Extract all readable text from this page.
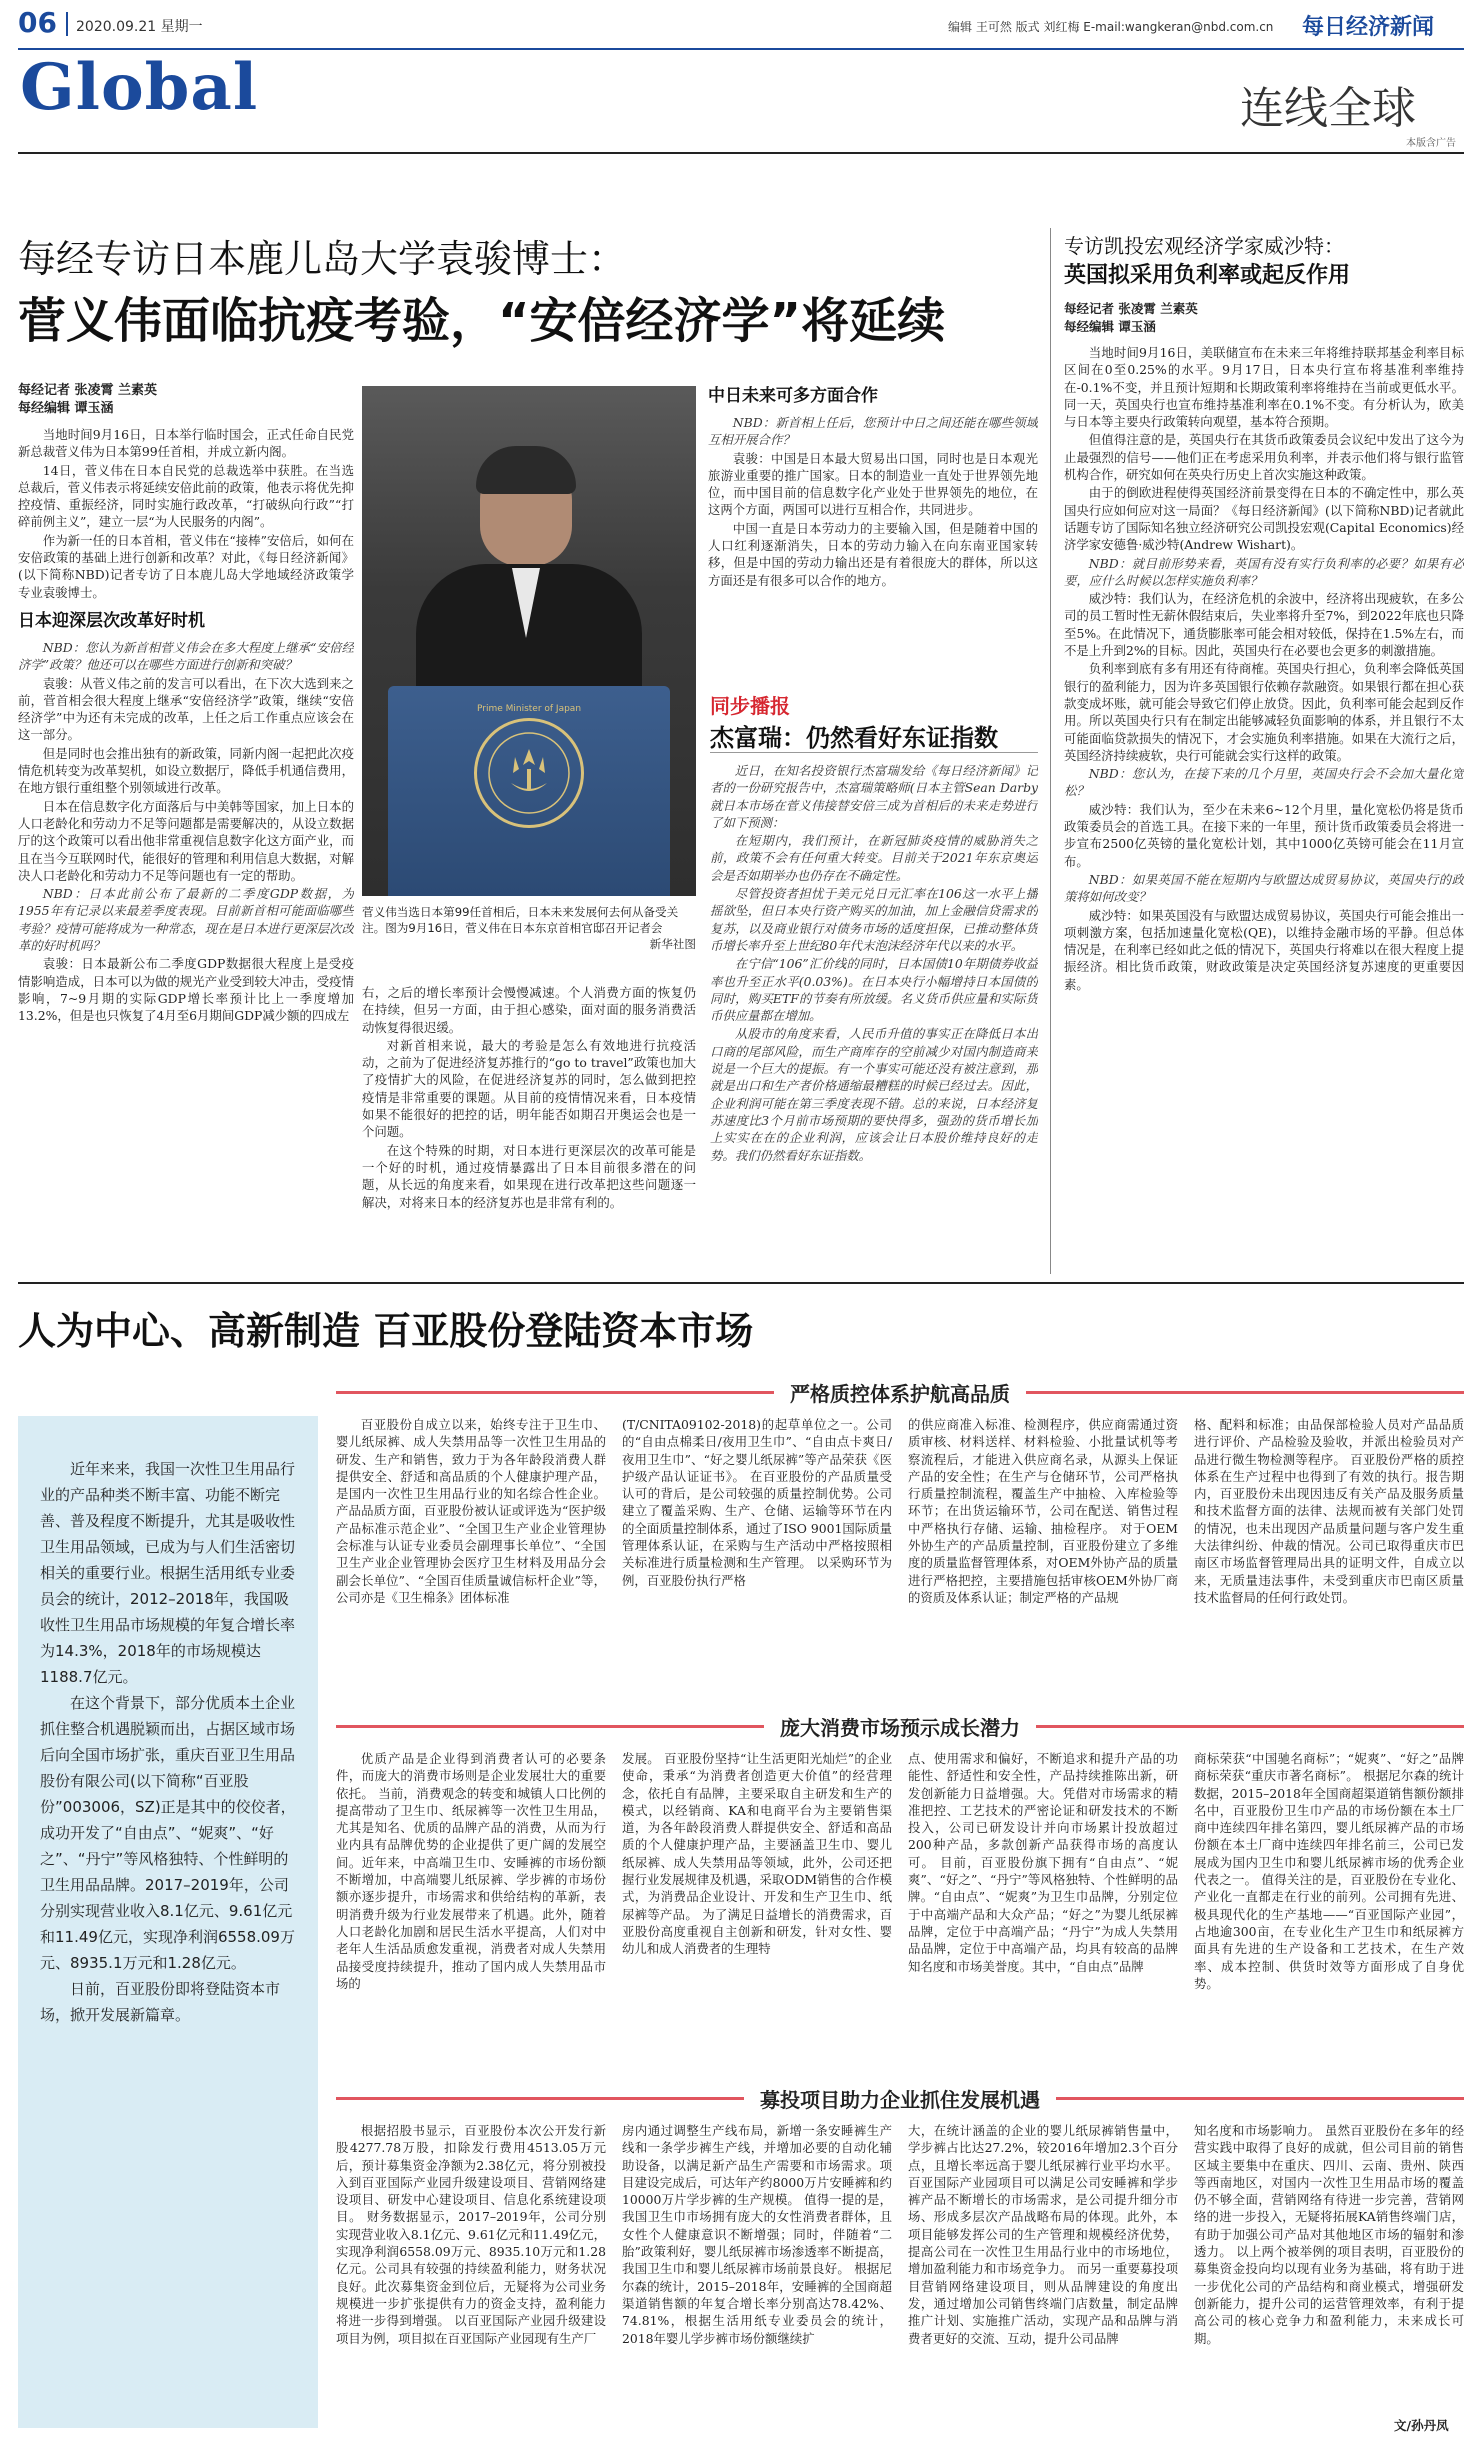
06 2020.09.21 星期一	编辑 王可然 版式 刘红梅 E-mail:wangkeran@nbd.com.cn 每日经济新闻
Global	连线全球
本版含广告
每经专访日本鹿儿岛大学袁骏博士：
菅义伟面临抗疫考验，“安倍经济学”将延续
每经记者 张凌霄 兰素英
每经编辑 谭玉涵

当地时间9月16日，日本举行临时国会，正式任命自民党新总裁菅义伟为日本第99任首相，并成立新内阁。

14日，菅义伟在日本自民党的总裁选举中获胜。在当选总裁后，菅义伟表示将延续安倍此前的政策，他表示将优先抑控疫情、重振经济，同时实施行政改革，“打破纵向行政”“打碎前例主义”，建立一层“为人民服务的内阁”。

作为新一任的日本首相，菅义伟在“接棒”安倍后，如何在安倍政策的基础上进行创新和改革？对此，《每日经济新闻》(以下简称NBD)记者专访了日本鹿儿岛大学地域经济政策学专业袁骏博士。

日本迎深层次改革好时机

NBD：您认为新首相菅义伟会在多大程度上继承“安倍经济学”政策？他还可以在哪些方面进行创新和突破？

袁骏：从菅义伟之前的发言可以看出，在下次大选到来之前，菅首相会很大程度上继承“安倍经济学”政策，继续“安倍经济学”中为还有未完成的改革，上任之后工作重点应该会在这一部分。

但是同时也会推出独有的新政策，同新内阁一起把此次疫情危机转变为改革契机，如设立数据厅，降低手机通信费用，在地方银行重组整个别领域进行改革。

日本在信息数字化方面落后与中美韩等国家，加上日本的人口老龄化和劳动力不足等问题都是需要解决的，从设立数据厅的这个政策可以看出他非常重视信息数字化这方面产业，而且在当今互联网时代，能很好的管理和利用信息大数据，对解决人口老龄化和劳动力不足等问题也有一定的帮助。

NBD：日本此前公布了最新的二季度GDP数据，为1955年有记录以来最差季度表现。目前新首相可能面临哪些考验？疫情可能将成为一种常态，现在是日本进行更深层次改革的好时机吗？

袁骏：日本最新公布二季度GDP数据很大程度上是受疫情影响造成，日本可以为做的规光产业受到较大冲击，受疫情影响，7~9月期的实际GDP增长率预计比上一季度增加13.2%，但是也只恢复了4月至6月期间GDP减少额的四成左

Prime Minister of Japan
菅义伟当选日本第99任首相后，日本未来发展何去何从备受关注。图为9月16日，菅义伟在日本东京首相官邸召开记者会
新华社图

右，之后的增长率预计会慢慢减速。个人消费方面的恢复仍在持续，但另一方面，由于担心感染，面对面的服务消费活动恢复得很迟缓。

对新首相来说，最大的考验是怎么有效地进行抗疫活动，之前为了促进经济复苏推行的“go to travel”政策也加大了疫情扩大的风险，在促进经济复苏的同时，怎么做到把控疫情是非常重要的课题。从目前的疫情情况来看，日本疫情如果不能很好的把控的话，明年能否如期召开奥运会也是一个问题。

在这个特殊的时期，对日本进行更深层次的改革可能是一个好的时机，通过疫情暴露出了日本目前很多潜在的问题，从长远的角度来看，如果现在进行改革把这些问题逐一解决，对将来日本的经济复苏也是非常有利的。

中日未来可多方面合作

NBD：新首相上任后，您预计中日之间还能在哪些领域互相开展合作？

袁骏：中国是日本最大贸易出口国，同时也是日本观光旅游业重要的推广国家。日本的制造业一直处于世界领先地位，而中国目前的信息数字化产业处于世界领先的地位，在这两个方面，两国可以进行互相合作，共同进步。

中国一直是日本劳动力的主要输入国，但是随着中国的人口红利逐渐消失，日本的劳动力输入在向东南亚国家转移，但是中国的劳动力输出还是有着很庞大的群体，所以这方面还是有很多可以合作的地方。

同步播报
杰富瑞：仍然看好东证指数

近日，在知名投资银行杰富瑞发给《每日经济新闻》记者的一份研究报告中，杰富瑞策略师(日本主管Sean Darby就日本市场在菅义伟接替安倍三成为首相后的未来走势进行了如下预测：

在短期内，我们预计，在新冠肺炎疫情的威胁消失之前，政策不会有任何重大转变。目前关于2021年东京奥运会是否如期举办也仍存在不确定性。

尽管投资者担忧于美元兑日元汇率在106这一水平上播摇欲坠，但日本央行资产购买的加油，加上金融信贷需求的复苏，以及商业银行对债务市场的适度担保，已推动整体货币增长率升至上世纪80年代末泡沫经济年代以来的水平。

在宁信“106”汇价线的同时，日本国债10年期债券收益率也升至正水平(0.03%)。在日本央行小幅增持日本国债的同时，购买ETF的节奏有所放缓。名义货币供应量和实际货币供应量都在增加。

从股市的角度来看，人民币升值的事实正在降低日本出口商的尾部风险，而生产商库存的空前减少对国内制造商来说是一个巨大的提振。有一个事实可能还没有被注意到，那就是出口和生产者价格通缩最糟糕的时候已经过去。因此，企业利润可能在第三季度表现不错。总的来说，日本经济复苏速度比3个月前市场预期的要快得多，强劲的货币增长加上实实在在的企业利润，应该会让日本股价维持良好的走势。我们仍然看好东证指数。

专访凯投宏观经济学家威沙特：
英国拟采用负利率或起反作用
每经记者 张凌霄 兰素英
每经编辑 谭玉涵

当地时间9月16日，美联储宣布在未来三年将维持联邦基金利率目标区间在0至0.25%的水平。9月17日，日本央行宣布将基准利率维持在-0.1%不变，并且预计短期和长期政策利率将维持在当前或更低水平。同一天，英国央行也宣布维持基准利率在0.1%不变。有分析认为，欧美与日本等主要央行政策转向观望，基本符合预期。

但值得注意的是，英国央行在其货币政策委员会议纪中发出了这今为止最强烈的信号——他们正在考虑采用负利率，并表示他们将与银行监管机构合作，研究如何在英央行历史上首次实施这种政策。

由于的倒欧进程使得英国经济前景变得在日本的不确定性中，那么英国央行应如何应对这一局面？《每日经济新闻》(以下简称NBD)记者就此话题专访了国际知名独立经济研究公司凯投宏观(Capital Economics)经济学家安德鲁·威沙特(Andrew Wishart)。

NBD：就目前形势来看，英国有没有实行负利率的必要？如果有必要，应什么时候以怎样实施负利率？

威沙特：我们认为，在经济危机的余波中，经济将出现疲软，在多公司的员工暂时性无薪休假结束后，失业率将升至7%，到2022年底也只降至5%。在此情况下，通货膨胀率可能会相对较低，保持在1.5%左右，而不是上升到2%的目标。因此，英国央行在必要也会更多的刺激措施。

负利率到底有多有用还有待商榷。英国央行担心，负利率会降低英国银行的盈利能力，因为许多英国银行依赖存款融资。如果银行都在担心获款变成坏账，就可能会导致它们停止放贷。因此，负利率可能会起到反作用。所以英国央行只有在制定出能够减轻负面影响的体系，并且银行不太可能面临贷款损失的情况下，才会实施负利率措施。如果在大流行之后，英国经济持续疲软，央行可能就会实行这样的政策。

NBD：您认为，在接下来的几个月里，英国央行会不会加大量化宽松？

威沙特：我们认为，至少在未来6~12个月里，量化宽松仍将是货币政策委员会的首选工具。在接下来的一年里，预计货币政策委员会将进一步宣布2500亿英镑的量化宽松计划，其中1000亿英镑可能会在11月宣布。

NBD：如果英国不能在短期内与欧盟达成贸易协议，英国央行的政策将如何改变？

威沙特：如果英国没有与欧盟达成贸易协议，英国央行可能会推出一项刺激方案，包括加速量化宽松(QE)，以维持金融市场的平静。但总体情况是，在利率已经如此之低的情况下，英国央行将难以在很大程度上提振经济。相比货币政策，财政政策是决定英国经济复苏速度的更重要因素。

人为中心、高新制造 百亚股份登陆资本市场

近年来来，我国一次性卫生用品行业的产品种类不断丰富、功能不断完善、普及程度不断提升，尤其是吸收性卫生用品领域，已成为与人们生活密切相关的重要行业。根据生活用纸专业委员会的统计，2012–2018年，我国吸收性卫生用品市场规模的年复合增长率为14.3%，2018年的市场规模达1188.7亿元。

在这个背景下，部分优质本土企业抓住整合机遇脱颖而出，占据区域市场后向全国市场扩张，重庆百亚卫生用品股份有限公司(以下简称“百亚股份”003006，SZ)正是其中的佼佼者，成功开发了“自由点”、“妮爽”、“好之”、“丹宁”等风格独特、个性鲜明的卫生用品品牌。2017–2019年，公司分别实现营业收入8.1亿元、9.61亿元和11.49亿元，实现净利润6558.09万元、8935.1万元和1.28亿元。

日前，百亚股份即将登陆资本市场，掀开发展新篇章。

严格质控体系护航高品质

百亚股份自成立以来，始终专注于卫生巾、婴儿纸尿裤、成人失禁用品等一次性卫生用品的研发、生产和销售，致力于为各年龄段消费人群提供安全、舒适和高品质的个人健康护理产品，是国内一次性卫生用品行业的知名综合性企业。 产品品质方面，百亚股份被认证或评选为“医护级产品标准示范企业”、“全国卫生产业企业管理协会标准与认证专业委员会副理事长单位”、“全国卫生产业企业管理协会医疗卫生材料及用品分会副会长单位”、“全国百佳质量诚信标杆企业”等，公司亦是《卫生棉条》团体标准

(T/CNITA09102-2018)的起草单位之一。公司的“自由点棉柔日/夜用卫生巾”、“自由点卡爽日/夜用卫生巾”、“好之婴儿纸尿裤”等产品荣获《医护级产品认证证书》。 在百亚股份的产品质量受认可的背后，是公司较强的质量控制优势。公司建立了覆盖采购、生产、仓储、运输等环节在内的全面质量控制体系，通过了ISO 9001国际质量管理体系认证，在采购与生产活动中严格按照相关标准进行质量检测和生产管理。 以采购环节为例，百亚股份执行严格

的供应商准入标准、检测程序，供应商需通过资质审核、材料送样、材料检验、小批量试机等考察流程后，才能进入供应商名录，从源头上保证产品的安全性；在生产与仓储环节，公司严格执行质量控制流程，覆盖生产中抽检、入库检验等环节；在出货运输环节，公司在配送、销售过程中严格执行存储、运输、抽检程序。 对于OEM外协生产的产品质量控制，百亚股份建立了多维度的质量监督管理体系，对OEM外协产品的质量进行严格把控，主要措施包括审核OEM外协厂商的资质及体系认证；制定严格的产品规

格、配料和标准；由品保部检验人员对产品品质进行评价、产品检验及验收，并派出检验员对产品进行微生物检测等程序。 百亚股份严格的质控体系在生产过程中也得到了有效的执行。报告期内，百亚股份未出现因违反有关产品及服务质量和技术监督方面的法律、法规而被有关部门处罚的情况，也未出现因产品质量问题与客户发生重大法律纠纷、仲裁的情况。公司已取得重庆市巴南区市场监督管理局出具的证明文件，自成立以来，无质量违法事件，未受到重庆市巴南区质量技术监督局的任何行政处罚。

庞大消费市场预示成长潜力

优质产品是企业得到消费者认可的必要条件，而庞大的消费市场则是企业发展壮大的重要依托。 当前，消费观念的转变和城镇人口比例的提高带动了卫生巾、纸尿裤等一次性卫生用品，尤其是知名、优质的品牌产品的消费，从而为行业内具有品牌优势的企业提供了更广阔的发展空间。近年来，中高端卫生巾、安睡裤的市场份额不断增加，中高端婴儿纸尿裤、学步裤的市场份额亦逐步提升，市场需求和供给结构的革新，表明消费升级为行业发展带来了机遇。此外，随着人口老龄化加剧和居民生活水平提高，人们对中老年人生活品质愈发重视，消费者对成人失禁用品接受度持续提升，推动了国内成人失禁用品市场的

发展。 百亚股份坚持“让生活更阳光灿烂”的企业使命，秉承“为消费者创造更大价值”的经营理念，依托自有品牌，主要采取自主研发和生产的模式，以经销商、KA和电商平台为主要销售渠道，为各年龄段消费人群提供安全、舒适和高品质的个人健康护理产品，主要涵盖卫生巾、婴儿纸尿裤、成人失禁用品等领域，此外，公司还把握行业发展规律及机遇，采取ODM销售的合作模式，为消费品企业设计、开发和生产卫生巾、纸尿裤等产品。 为了满足日益增长的消费需求，百亚股份高度重视自主创新和研发，针对女性、婴幼儿和成人消费者的生理特

点、使用需求和偏好，不断追求和提升产品的功能性、舒适性和安全性，产品持续推陈出新，研发创新能力日益增强。大。凭借对市场需求的精准把控、工艺技术的严密论证和研发技术的不断投入，公司已研发设计并向市场累计投放超过200种产品，多款创新产品获得市场的高度认可。 目前，百亚股份旗下拥有“自由点”、“妮爽”、“好之”、“丹宁”等风格独特、个性鲜明的品牌。“自由点”、“妮爽”为卫生巾品牌，分别定位于中高端产品和大众产品；“好之”为婴儿纸尿裤品牌，定位于中高端产品；“丹宁”为成人失禁用品品牌，定位于中高端产品，均具有较高的品牌知名度和市场美誉度。其中，“自由点”品牌

商标荣获“中国驰名商标”；“妮爽”、“好之”品牌商标荣获“重庆市著名商标”。 根据尼尔森的统计数据，2015–2018年全国商超渠道销售额份额排名中，百亚股份卫生巾产品的市场份额在本土厂商中连续四年排名第四，婴儿纸尿裤产品的市场份额在本土厂商中连续四年排名前三，公司已发展成为国内卫生巾和婴儿纸尿裤市场的优秀企业代表之一。 值得关注的是，百亚股份在专业化、产业化一直都走在行业的前列。公司拥有先进、极具现代化的生产基地——“百亚国际产业园”，占地逾300亩，在专业化生产卫生巾和纸尿裤方面具有先进的生产设备和工艺技术，在生产效率、成本控制、供货时效等方面形成了自身优势。

募投项目助力企业抓住发展机遇

根据招股书显示，百亚股份本次公开发行新股4277.78万股，扣除发行费用4513.05万元后，预计募集资金净额为2.38亿元，将分别被投入到百亚国际产业园升级建设项目、营销网络建设项目、研发中心建设项目、信息化系统建设项目。 财务数据显示，2017–2019年，公司分别实现营业收入8.1亿元、9.61亿元和11.49亿元，实现净利润6558.09万元、8935.10万元和1.28亿元。公司具有较强的持续盈利能力，财务状况良好。此次募集资金到位后，无疑将为公司业务规模进一步扩张提供有力的资金支持，盈利能力将进一步得到增强。 以百亚国际产业园升级建设项目为例，项目拟在百亚国际产业园现有生产厂

房内通过调整生产线布局，新增一条安睡裤生产线和一条学步裤生产线，并增加必要的自动化辅助设备，以满足新产品生产需要和市场需求。项目建设完成后，可达年产约8000万片安睡裤和约10000万片学步裤的生产规模。 值得一提的是，我国卫生巾市场拥有庞大的女性消费者群体，且女性个人健康意识不断增强；同时，伴随着“二胎”政策利好，婴儿纸尿裤市场渗透率不断提高，我国卫生巾和婴儿纸尿裤市场前景良好。 根据尼尔森的统计，2015–2018年，安睡裤的全国商超渠道销售额的年复合增长率分别高达78.42%、74.81%，根据生活用纸专业委员会的统计，2018年婴儿学步裤市场份额继续扩

大，在统计涵盖的企业的婴儿纸尿裤销售量中，学步裤占比达27.2%，较2016年增加2.3个百分点，且增长率远高于婴儿纸尿裤行业平均水平。 百亚国际产业园项目可以满足公司安睡裤和学步裤产品不断增长的市场需求，是公司提升细分市场、形成多层次产品战略布局的体现。此外，本项目能够发挥公司的生产管理和规模经济优势，提高公司在一次性卫生用品行业中的市场地位，增加盈利能力和市场竞争力。 而另一重要募投项目营销网络建设项目，则从品牌建设的角度出发，通过增加公司销售终端门店数量，制定品牌推广计划、实施推广活动，实现产品和品牌与消费者更好的交流、互动，提升公司品牌

知名度和市场影响力。 虽然百亚股份在多年的经营实践中取得了良好的成就，但公司目前的销售区域主要集中在重庆、四川、云南、贵州、陕西等西南地区，对国内一次性卫生用品市场的覆盖仍不够全面，营销网络有待进一步完善，营销网络的进一步投入，无疑将拓展KA销售终端门店，有助于加强公司产品对其他地区市场的辐射和渗透力。 以上两个被举例的项目表明，百亚股份的募集资金投向均以现有业务为基础，将有助于进一步优化公司的产品结构和商业模式，增强研发创新能力，提升公司的运营管理效率，有利于提高公司的核心竞争力和盈利能力，未来成长可期。

文/孙丹凤
